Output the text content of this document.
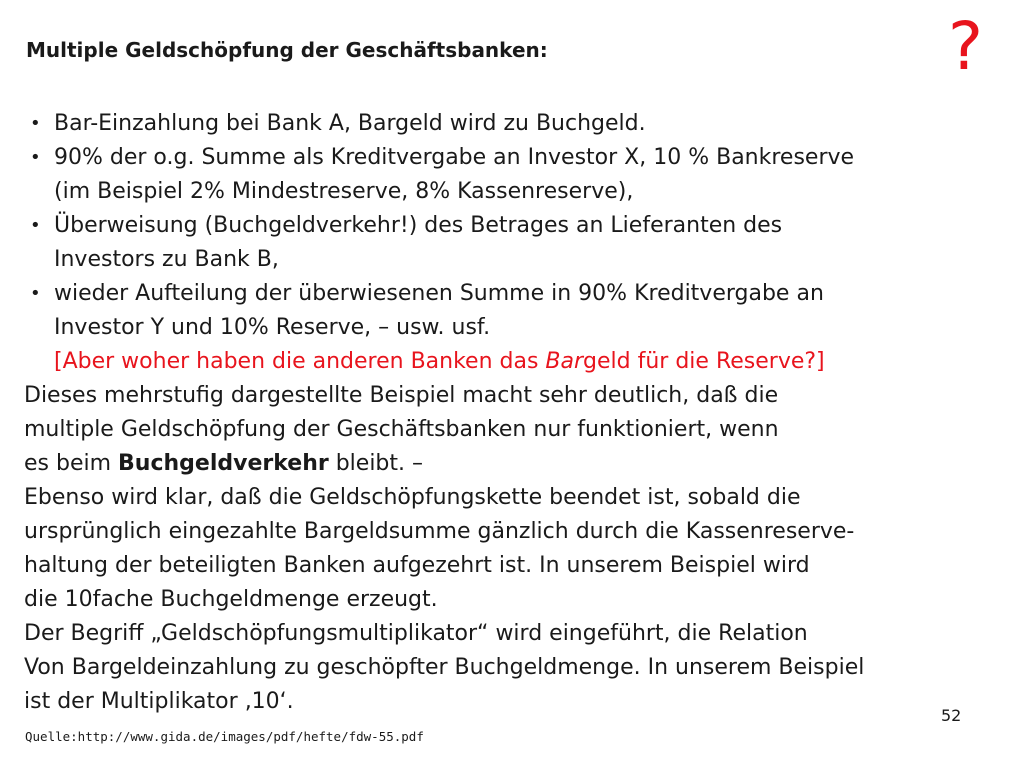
Multiple Geldschöpfung der Geschäftsbanken:	?
• Bar-Einzahlung bei Bank A, Bargeld wird zu Buchgeld.
• 90% der o.g. Summe als Kreditvergabe an Investor X, 10 % Bankreserve
(im Beispiel 2% Mindestreserve, 8% Kassenreserve),
• Überweisung (Buchgeldverkehr!) des Betrages an Lieferanten des
Investors zu Bank B,
• wieder Aufteilung der überwiesenen Summe in 90% Kreditvergabe an
Investor Y und 10% Reserve, – usw. usf.
[Aber woher haben die anderen Banken das Bargeld für die Reserve?]
Dieses mehrstufig dargestellte Beispiel macht sehr deutlich, daß die
multiple Geldschöpfung der Geschäftsbanken nur funktioniert, wenn
es beim Buchgeldverkehr bleibt. –
Ebenso wird klar, daß die Geldschöpfungskette beendet ist, sobald die
ursprünglich eingezahlte Bargeldsumme gänzlich durch die Kassenreserve-
haltung der beteiligten Banken aufgezehrt ist. In unserem Beispiel wird
die 10fache Buchgeldmenge erzeugt.
Der Begriff „Geldschöpfungsmultiplikator“ wird eingeführt, die Relation
Von Bargeldeinzahlung zu geschöpfter Buchgeldmenge. In unserem Beispiel
ist der Multiplikator ‚10‘.
52
Quelle:http://www.gida.de/images/pdf/hefte/fdw-55.pdf
